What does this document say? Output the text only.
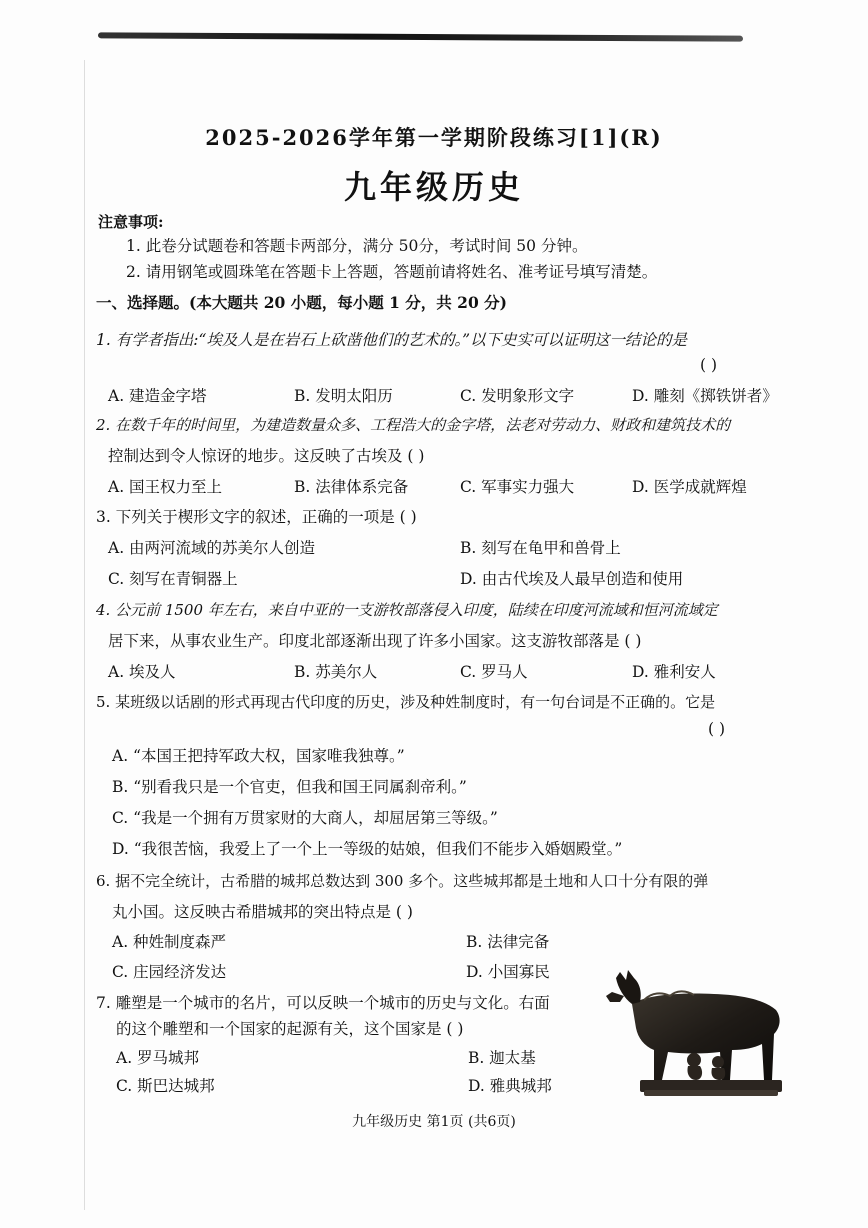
2025-2026学年第一学期阶段练习[1](R)
九年级历史
注意事项:
1. 此卷分试题卷和答题卡两部分，满分 50分，考试时间 50 分钟。
2. 请用钢笔或圆珠笔在答题卡上答题，答题前请将姓名、准考证号填写清楚。
一、选择题。(本大题共 20 小题，每小题 1 分，共 20 分)
1. 有学者指出:“埃及人是在岩石上砍凿他们的艺术的。”以下史实可以证明这一结论的是
( )
A. 建造金字塔	B. 发明太阳历	C. 发明象形文字	D. 雕刻《掷铁饼者》
2. 在数千年的时间里，为建造数量众多、工程浩大的金字塔，法老对劳动力、财政和建筑技术的
控制达到令人惊讶的地步。这反映了古埃及 ( )
A. 国王权力至上	B. 法律体系完备	C. 军事实力强大	D. 医学成就辉煌
3. 下列关于楔形文字的叙述，正确的一项是 ( )
A. 由两河流域的苏美尔人创造	B. 刻写在龟甲和兽骨上
C. 刻写在青铜器上	D. 由古代埃及人最早创造和使用
4. 公元前 1500 年左右，来自中亚的一支游牧部落侵入印度，陆续在印度河流域和恒河流域定
居下来，从事农业生产。印度北部逐渐出现了许多小国家。这支游牧部落是 ( )
A. 埃及人	B. 苏美尔人	C. 罗马人	D. 雅利安人
5. 某班级以话剧的形式再现古代印度的历史，涉及种姓制度时，有一句台词是不正确的。它是
( )
A. “本国王把持军政大权，国家唯我独尊。”
B. “别看我只是一个官吏，但我和国王同属刹帝利。”
C. “我是一个拥有万贯家财的大商人，却屈居第三等级。”
D. “我很苦恼，我爱上了一个上一等级的姑娘，但我们不能步入婚姻殿堂。”
6. 据不完全统计，古希腊的城邦总数达到 300 多个。这些城邦都是土地和人口十分有限的弹
丸小国。这反映古希腊城邦的突出特点是 ( )
A. 种姓制度森严	B. 法律完备
C. 庄园经济发达	D. 小国寡民
7. 雕塑是一个城市的名片，可以反映一个城市的历史与文化。右面
的这个雕塑和一个国家的起源有关，这个国家是 ( )
A. 罗马城邦	B. 迦太基
C. 斯巴达城邦	D. 雅典城邦
九年级历史 第1页 (共6页)
